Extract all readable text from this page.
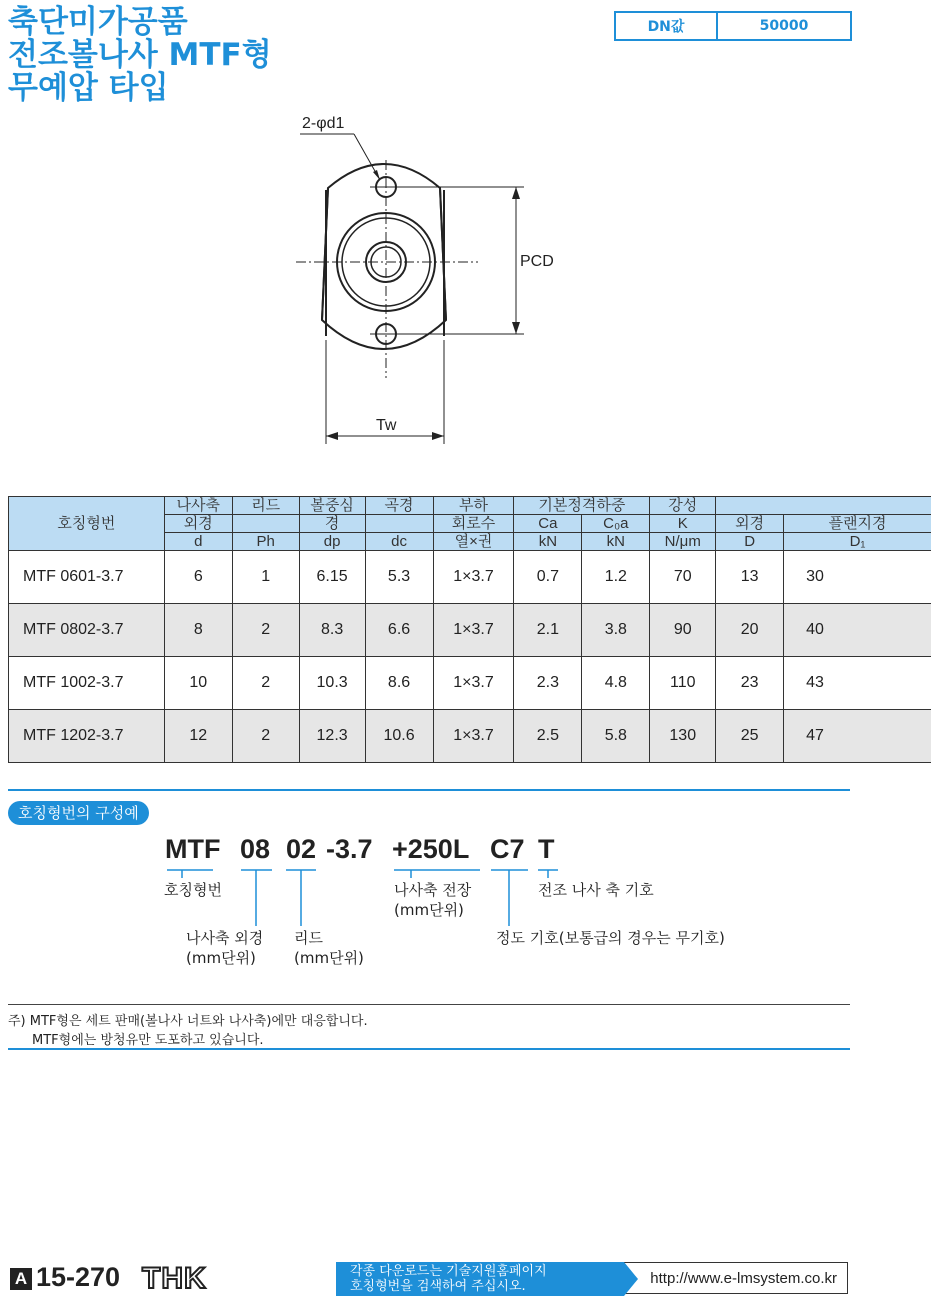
축단미가공품
전조볼나사 MTF형
무예압 타입
DN값	50000
2-φd1
PCD
Tw
호칭형번	나사축	리드	볼중심	곡경	부하	기본정격하중		강성		
	외경		경		회로수	Ca	C₀a	K	외경	플랜지경
	d	Ph	dp	dc	열×권	kN	kN	N/μm	D	D₁
MTF 0601-3.7	6	1	6.15	5.3	1×3.7	0.7	1.2	70	13	30
MTF 0802-3.7	8	2	8.3	6.6	1×3.7	2.1	3.8	90	20	40
MTF 1002-3.7	10	2	10.3	8.6	1×3.7	2.3	4.8	110	23	43
MTF 1202-3.7	12	2	12.3	10.6	1×3.7	2.5	5.8	130	25	47
호칭형번의 구성예
MTF 08 02 -3.7 +250L C7 T
호칭형번
나사축 외경
(mm단위)
리드
(mm단위)
나사축 전장
(mm단위)
정도 기호(보통급의 경우는 무기호)
전조 나사 축 기호
주) MTF형은 세트 판매(볼나사 너트와 나사축)에만 대응합니다.
MTF형에는 방청유만 도포하고 있습니다.
A 15-270 THK	http://www.e-lmsystem.co.kr
각종 다운로드는 기술지원홈페이지
호칭형번을 검색하여 주십시오.
